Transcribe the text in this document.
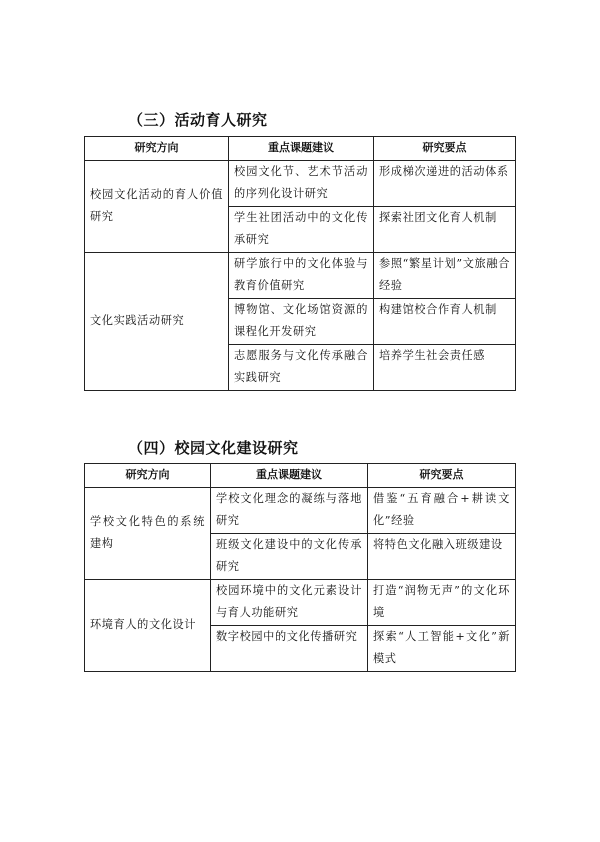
（三）活动育人研究
研究方向	重点课题建议	研究要点
校园文化活动的育人价值研究	校园文化节、艺术节活动的序列化设计研究	形成梯次递进的活动体系
	学生社团活动中的文化传承研究	探索社团文化育人机制
文化实践活动研究	研学旅行中的文化体验与教育价值研究	参照“繁星计划”文旅融合经验
	博物馆、文化场馆资源的课程化开发研究	构建馆校合作育人机制
	志愿服务与文化传承融合实践研究	培养学生社会责任感
（四）校园文化建设研究
研究方向	重点课题建议	研究要点
学校文化特色的系统建构	学校文化理念的凝练与落地研究	借鉴“五育融合+耕读文化”经验
	班级文化建设中的文化传承研究	将特色文化融入班级建设
环境育人的文化设计	校园环境中的文化元素设计与育人功能研究	打造“润物无声”的文化环境
	数字校园中的文化传播研究	探索“人工智能+文化”新模式
